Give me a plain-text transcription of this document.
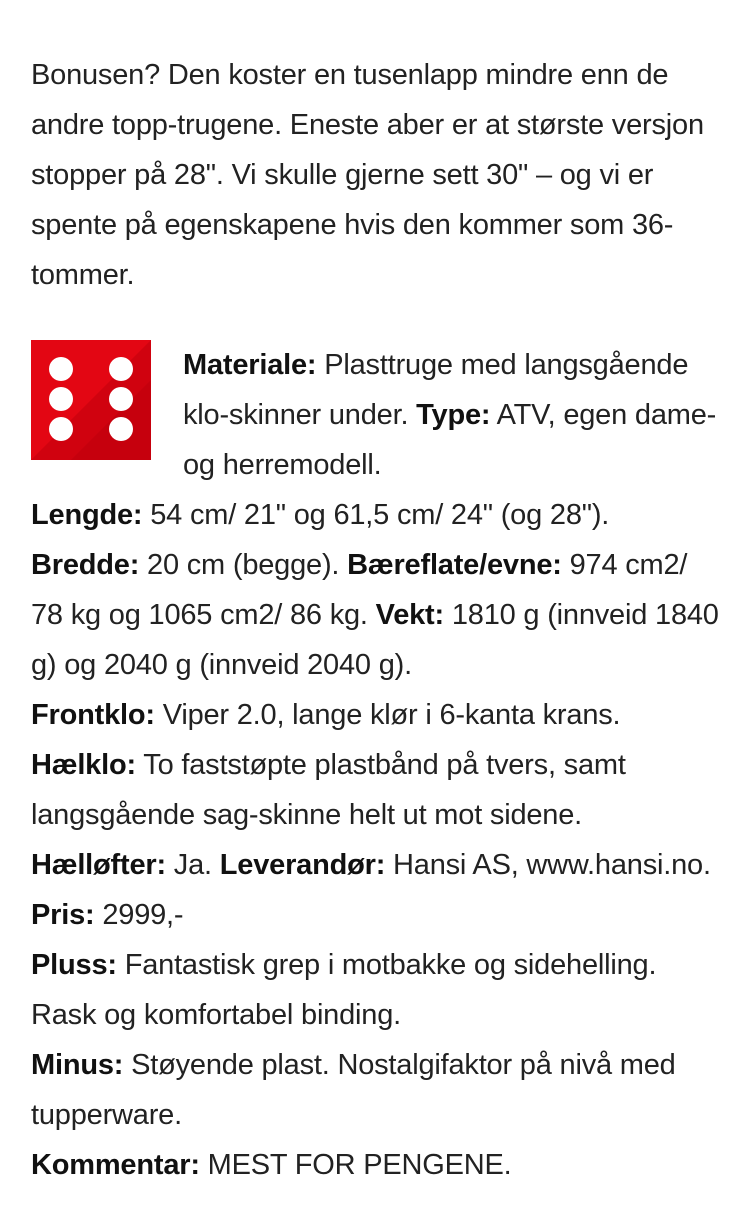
Bonusen? Den koster en tusenlapp mindre enn de andre topp-trugene. Eneste aber er at største versjon stopper på 28". Vi skulle gjerne sett 30" – og vi er spente på egenskapene hvis den kommer som 36-tommer.

Materiale: Plasttruge med langsgående klo-skinner under. Type: ATV, egen dame- og herremodell.

Lengde: 54 cm/ 21" og 61,5 cm/ 24" (og 28").

Bredde: 20 cm (begge). Bæreflate/evne: 974 cm2/ 78 kg og 1065 cm2/ 86 kg. Vekt: 1810 g (innveid 1840 g) og 2040 g (innveid 2040 g).

Frontklo: Viper 2.0, lange klør i 6-kanta krans.

Hælklo: To faststøpte plastbånd på tvers, samt langsgående sag-skinne helt ut mot sidene.

Hælløfter: Ja. Leverandør: Hansi AS, www.hansi.no. Pris: 2999,-

Pluss: Fantastisk grep i motbakke og sidehelling. Rask og komfortabel binding.

Minus: Støyende plast. Nostalgifaktor på nivå med tupperware.

Kommentar: MEST FOR PENGENE.
